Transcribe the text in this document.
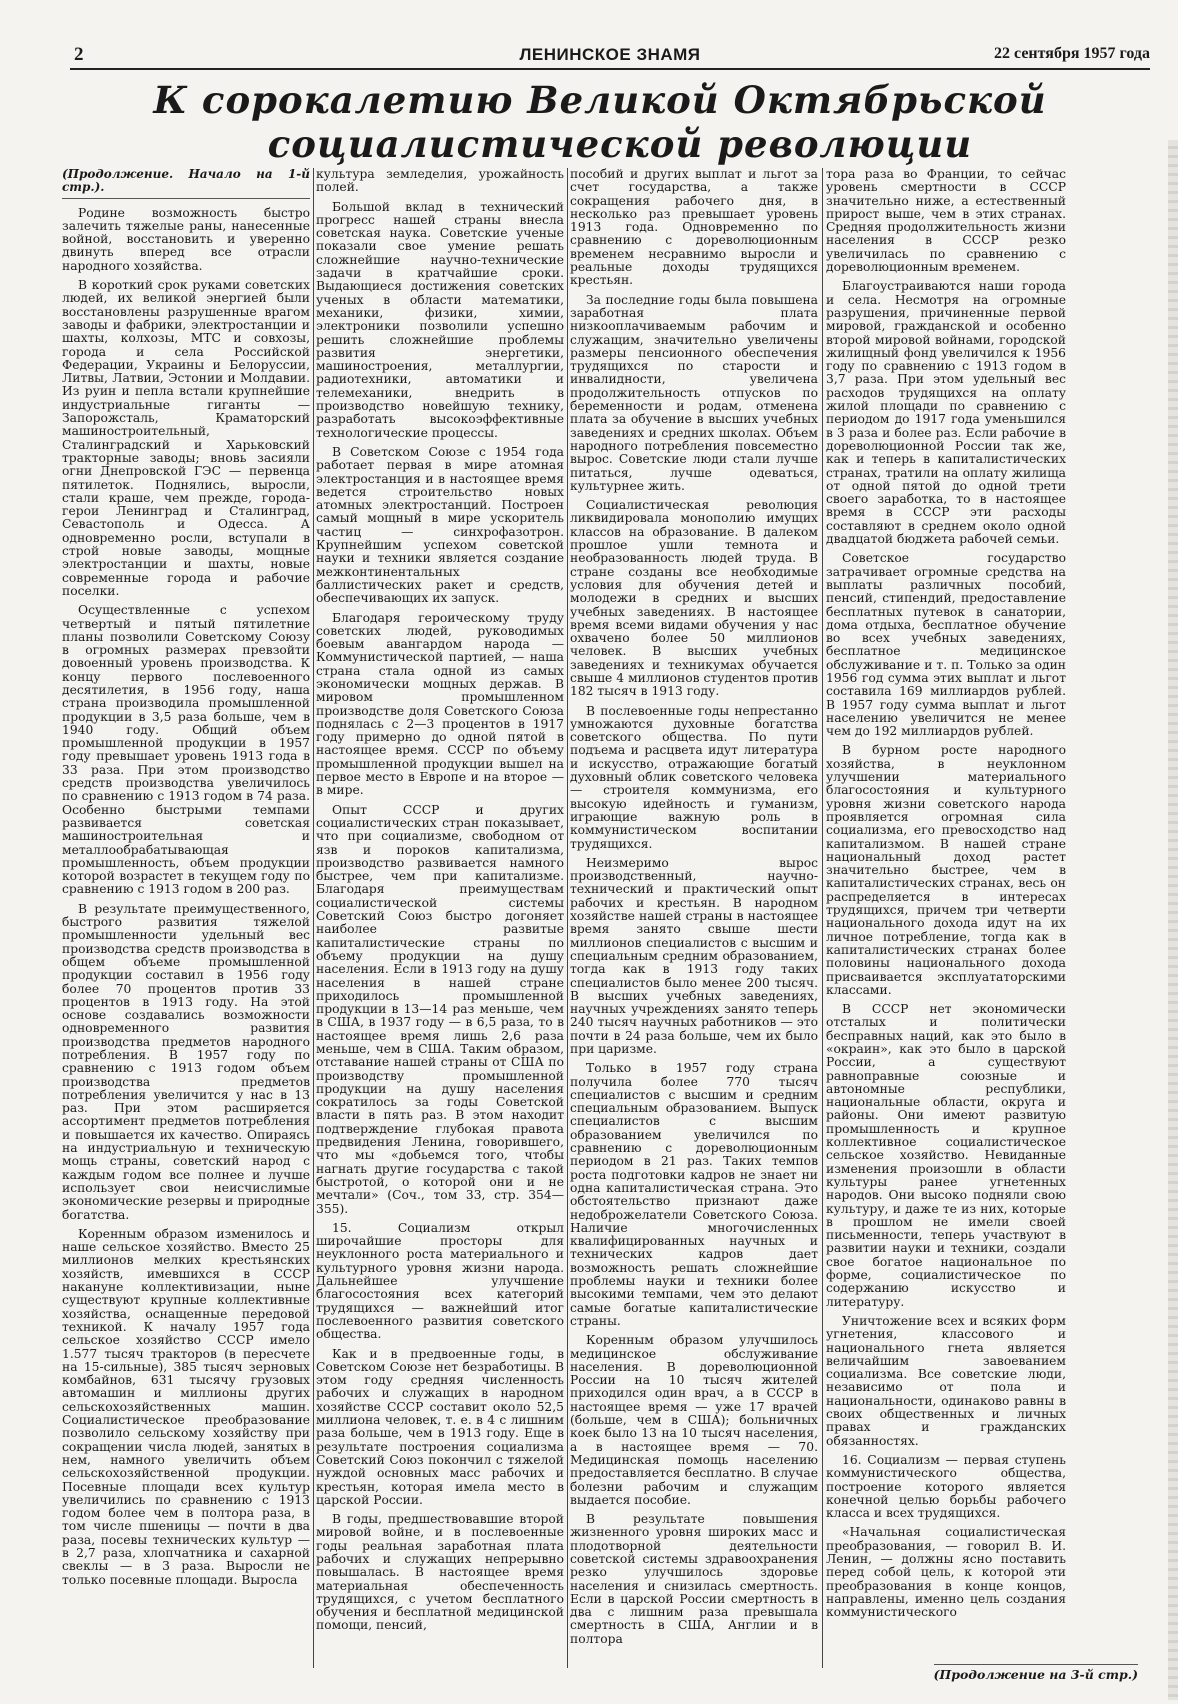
2	ЛЕНИНСКОЕ ЗНАМЯ	22 сентября 1957 года
К сорокалетию Великой Октябрьской
социалистической революции

(Продолжение. Начало на 1-й стр.).

Родине возможность быстро залечить тяжелые раны, нанесенные войной, восстановить и уверенно двинуть вперед все отрасли народного хозяйства.

В короткий срок руками советских людей, их великой энергией были восстановлены разрушенные врагом заводы и фабрики, электростанции и шахты, колхозы, МТС и совхозы, города и села Российской Федерации, Украины и Белоруссии, Литвы, Латвии, Эстонии и Молдавии. Из руин и пепла встали крупнейшие индустриальные гиганты — Запорожсталь, Краматорский машиностроительный, Сталинградский и Харьковский тракторные заводы; вновь засияли огни Днепровской ГЭС — первенца пятилеток. Поднялись, выросли, стали краше, чем прежде, города-герои Ленинград и Сталинград, Севастополь и Одесса. А одновременно росли, вступали в строй новые заводы, мощные электростанции и шахты, новые современные города и рабочие поселки.

Осуществленные с успехом четвертый и пятый пятилетние планы позволили Советскому Союзу в огромных размерах превзойти довоенный уровень производства. К концу первого послевоенного десятилетия, в 1956 году, наша страна производила промышленной продукции в 3,5 раза больше, чем в 1940 году. Общий объем промышленной продукции в 1957 году превышает уровень 1913 года в 33 раза. При этом производство средств производства увеличилось по сравнению с 1913 годом в 74 раза. Особенно быстрыми темпами развивается советская машиностроительная и металлообрабатывающая промышленность, объем продукции которой возрастет в текущем году по сравнению с 1913 годом в 200 раз.

В результате преимущественного, быстрого развития тяжелой промышленности удельный вес производства средств производства в общем объеме промышленной продукции составил в 1956 году более 70 процентов против 33 процентов в 1913 году. На этой основе создавались возможности одновременного развития производства предметов народного потребления. В 1957 году по сравнению с 1913 годом объем производства предметов потребления увеличится у нас в 13 раз. При этом расширяется ассортимент предметов потребления и повышается их качество. Опираясь на индустриальную и техническую мощь страны, советский народ с каждым годом все полнее и лучше использует свои неисчислимые экономические резервы и природные богатства.

Коренным образом изменилось и наше сельское хозяйство. Вместо 25 миллионов мелких крестьянских хозяйств, имевшихся в СССР накануне коллективизации, ныне существуют крупные коллективные хозяйства, оснащенные передовой техникой. К началу 1957 года сельское хозяйство СССР имело 1.577 тысяч тракторов (в пересчете на 15-сильные), 385 тысяч зерновых комбайнов, 631 тысячу грузовых автомашин и миллионы других сельскохозяйственных машин. Социалистическое преобразование позволило сельскому хозяйству при сокращении числа людей, занятых в нем, намного увеличить объем сельскохозяйственной продукции. Посевные площади всех культур увеличились по сравнению с 1913 годом более чем в полтора раза, в том числе пшеницы — почти в два раза, посевы технических культур — в 2,7 раза, хлопчатника и сахарной свеклы — в 3 раза. Выросли не только посевные площади. Выросла

культура земледелия, урожайность полей.

Большой вклад в технический прогресс нашей страны внесла советская наука. Советские ученые показали свое умение решать сложнейшие научно-технические задачи в кратчайшие сроки. Выдающиеся достижения советских ученых в области математики, механики, физики, химии, электроники позволили успешно решить сложнейшие проблемы развития энергетики, машиностроения, металлургии, радиотехники, автоматики и телемеханики, внедрить в производство новейшую технику, разработать высокоэффективные технологические процессы.

В Советском Союзе с 1954 года работает первая в мире атомная электростанция и в настоящее время ведется строительство новых атомных электростанций. Построен самый мощный в мире ускоритель частиц — синхрофазотрон. Крупнейшим успехом советской науки и техники является создание межконтинентальных баллистических ракет и средств, обеспечивающих их запуск.

Благодаря героическому труду советских людей, руководимых боевым авангардом народа — Коммунистической партией, — наша страна стала одной из самых экономически мощных держав. В мировом промышленном производстве доля Советского Союза поднялась с 2—3 процентов в 1917 году примерно до одной пятой в настоящее время. СССР по объему промышленной продукции вышел на первое место в Европе и на второе — в мире.

Опыт СССР и других социалистических стран показывает, что при социализме, свободном от язв и пороков капитализма, производство развивается намного быстрее, чем при капитализме. Благодаря преимуществам социалистической системы Советский Союз быстро догоняет наиболее развитые капиталистические страны по объему продукции на душу населения. Если в 1913 году на душу населения в нашей стране приходилось промышленной продукции в 13—14 раз меньше, чем в США, в 1937 году — в 6,5 раза, то в настоящее время лишь 2,6 раза меньше, чем в США. Таким образом, отставание нашей страны от США по производству промышленной продукции на душу населения сократилось за годы Советской власти в пять раз. В этом находит подтверждение глубокая правота предвидения Ленина, говорившего, что мы «добьемся того, чтобы нагнать другие государства с такой быстротой, о которой они и не мечтали» (Соч., том 33, стр. 354—355).

15. Социализм открыл широчайшие просторы для неуклонного роста материального и культурного уровня жизни народа. Дальнейшее улучшение благосостояния всех категорий трудящихся — важнейший итог послевоенного развития советского общества.

Как и в предвоенные годы, в Советском Союзе нет безработицы. В этом году средняя численность рабочих и служащих в народном хозяйстве СССР составит около 52,5 миллиона человек, т. е. в 4 с лишним раза больше, чем в 1913 году. Еще в результате построения социализма Советский Союз покончил с тяжелой нуждой основных масс рабочих и крестьян, которая имела место в царской России.

В годы, предшествовавшие второй мировой войне, и в послевоенные годы реальная заработная плата рабочих и служащих непрерывно повышалась. В настоящее время материальная обеспеченность трудящихся, с учетом бесплатного обучения и бесплатной медицинской помощи, пенсий,

пособий и других выплат и льгот за счет государства, а также сокращения рабочего дня, в несколько раз превышает уровень 1913 года. Одновременно по сравнению с дореволюционным временем несравнимо выросли и реальные доходы трудящихся крестьян.

За последние годы была повышена заработная плата низкооплачиваемым рабочим и служащим, значительно увеличены размеры пенсионного обеспечения трудящихся по старости и инвалидности, увеличена продолжительность отпусков по беременности и родам, отменена плата за обучение в высших учебных заведениях и средних школах. Объем народного потребления повсеместно вырос. Советские люди стали лучше питаться, лучше одеваться, культурнее жить.

Социалистическая революция ликвидировала монополию имущих классов на образование. В далеком прошлое ушли темнота и необразованность людей труда. В стране созданы все необходимые условия для обучения детей и молодежи в средних и высших учебных заведениях. В настоящее время всеми видами обучения у нас охвачено более 50 миллионов человек. В высших учебных заведениях и техникумах обучается свыше 4 миллионов студентов против 182 тысяч в 1913 году.

В послевоенные годы непрестанно умножаются духовные богатства советского общества. По пути подъема и расцвета идут литература и искусство, отражающие богатый духовный облик советского человека — строителя коммунизма, его высокую идейность и гуманизм, играющие важную роль в коммунистическом воспитании трудящихся.

Неизмеримо вырос производственный, научно-технический и практический опыт рабочих и крестьян. В народном хозяйстве нашей страны в настоящее время занято свыше шести миллионов специалистов с высшим и специальным средним образованием, тогда как в 1913 году таких специалистов было менее 200 тысяч. В высших учебных заведениях, научных учреждениях занято теперь 240 тысяч научных работников — это почти в 24 раза больше, чем их было при царизме.

Только в 1957 году страна получила более 770 тысяч специалистов с высшим и средним специальным образованием. Выпуск специалистов с высшим образованием увеличился по сравнению с дореволюционным периодом в 21 раз. Таких темпов роста подготовки кадров не знает ни одна капиталистическая страна. Это обстоятельство признают даже недоброжелатели Советского Союза. Наличие многочисленных квалифицированных научных и технических кадров дает возможность решать сложнейшие проблемы науки и техники более высокими темпами, чем это делают самые богатые капиталистические страны.

Коренным образом улучшилось медицинское обслуживание населения. В дореволюционной России на 10 тысяч жителей приходился один врач, а в СССР в настоящее время — уже 17 врачей (больше, чем в США); больничных коек было 13 на 10 тысяч населения, а в настоящее время — 70. Медицинская помощь населению предоставляется бесплатно. В случае болезни рабочим и служащим выдается пособие.

В результате повышения жизненного уровня широких масс и плодотворной деятельности советской системы здравоохранения резко улучшилось здоровье населения и снизилась смертность. Если в царской России смертность в два с лишним раза превышала смертность в США, Англии и в полтора

тора раза во Франции, то сейчас уровень смертности в СССР значительно ниже, а естественный прирост выше, чем в этих странах. Средняя продолжительность жизни населения в СССР резко увеличилась по сравнению с дореволюционным временем.

Благоустраиваются наши города и села. Несмотря на огромные разрушения, причиненные первой мировой, гражданской и особенно второй мировой войнами, городской жилищный фонд увеличился к 1956 году по сравнению с 1913 годом в 3,7 раза. При этом удельный вес расходов трудящихся на оплату жилой площади по сравнению с периодом до 1917 года уменьшился в 3 раза и более раз. Если рабочие в дореволюционной России так же, как и теперь в капиталистических странах, тратили на оплату жилища от одной пятой до одной трети своего заработка, то в настоящее время в СССР эти расходы составляют в среднем около одной двадцатой бюджета рабочей семьи.

Советское государство затрачивает огромные средства на выплаты различных пособий, пенсий, стипендий, предоставление бесплатных путевок в санатории, дома отдыха, бесплатное обучение во всех учебных заведениях, бесплатное медицинское обслуживание и т. п. Только за один 1956 год сумма этих выплат и льгот составила 169 миллиардов рублей. В 1957 году сумма выплат и льгот населению увеличится не менее чем до 192 миллиардов рублей.

В бурном росте народного хозяйства, в неуклонном улучшении материального благосостояния и культурного уровня жизни советского народа проявляется огромная сила социализма, его превосходство над капитализмом. В нашей стране национальный доход растет значительно быстрее, чем в капиталистических странах, весь он распределяется в интересах трудящихся, причем три четверти национального дохода идут на их личное потребление, тогда как в капиталистических странах более половины национального дохода присваивается эксплуататорскими классами.

В СССР нет экономически отсталых и политически бесправных наций, как это было в «окраин», как это было в царской России, а существуют равноправные союзные и автономные республики, национальные области, округа и районы. Они имеют развитую промышленность и крупное коллективное социалистическое сельское хозяйство. Невиданные изменения произошли в области культуры ранее угнетенных народов. Они высоко подняли свою культуру, и даже те из них, которые в прошлом не имели своей письменности, теперь участвуют в развитии науки и техники, создали свое богатое национальное по форме, социалистическое по содержанию искусство и литературу.

Уничтожение всех и всяких форм угнетения, классового и национального гнета является величайшим завоеванием социализма. Все советские люди, независимо от пола и национальности, одинаково равны в своих общественных и личных правах и гражданских обязанностях.

16. Социализм — первая ступень коммунистического общества, построение которого является конечной целью борьбы рабочего класса и всех трудящихся.

«Начальная социалистическая преобразования, — говорил В. И. Ленин, — должны ясно поставить перед собой цель, к которой эти преобразования в конце концов, направлены, именно цель создания коммунистического

(Продолжение на 3-й стр.)
